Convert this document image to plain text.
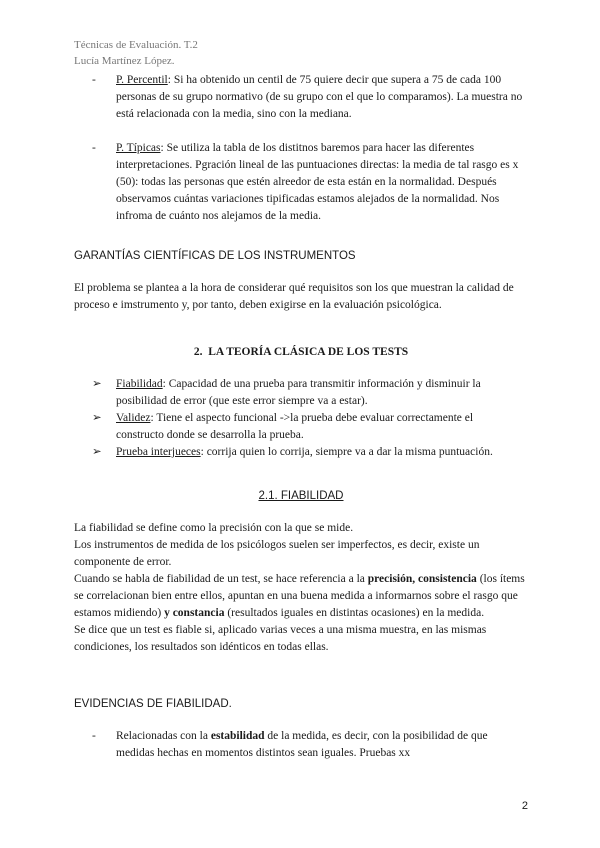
Técnicas de Evaluación. T.2
Lucía Martínez López.
- P. Percentil: Si ha obtenido un centil de 75 quiere decir que supera a 75 de cada 100 personas de su grupo normativo (de su grupo con el que lo comparamos). La muestra no está relacionada con la media, sino con la mediana.
- P. Típicas: Se utiliza la tabla de los distitnos baremos para hacer las diferentes interpretaciones. Pgración lineal de las puntuaciones directas: la media de tal rasgo es x (50): todas las personas que estén alreedor de esta están en la normalidad. Después observamos cuántas variaciones tipificadas estamos alejados de la normalidad. Nos infroma de cuánto nos alejamos de la media.
GARANTÍAS CIENTÍFICAS DE LOS INSTRUMENTOS

El problema se plantea a la hora de considerar qué requisitos son los que muestran la calidad de proceso e imstrumento y, por tanto, deben exigirse en la evaluación psicológica.

2. LA TEORÍA CLÁSICA DE LOS TESTS
➢ Fiabilidad: Capacidad de una prueba para transmitir información y disminuir la posibilidad de error (que este error siempre va a estar).
➢ Validez: Tiene el aspecto funcional ->la prueba debe evaluar correctamente el constructo donde se desarrolla la prueba.
➢ Prueba interjueces: corrija quien lo corrija, siempre va a dar la misma puntuación.
2.1. FIABILIDAD

La fiabilidad se define como la precisión con la que se mide.

Los instrumentos de medida de los psicólogos suelen ser imperfectos, es decir, existe un componente de error.

Cuando se habla de fiabilidad de un test, se hace referencia a la precisión, consistencia (los ítems se correlacionan bien entre ellos, apuntan en una buena medida a informarnos sobre el rasgo que estamos midiendo) y constancia (resultados iguales en distintas ocasiones) en la medida.

Se dice que un test es fiable si, aplicado varias veces a una misma muestra, en las mismas condiciones, los resultados son idénticos en todas ellas.

EVIDENCIAS DE FIABILIDAD.
- Relacionadas con la estabilidad de la medida, es decir, con la posibilidad de que medidas hechas en momentos distintos sean iguales. Pruebas xx
2
